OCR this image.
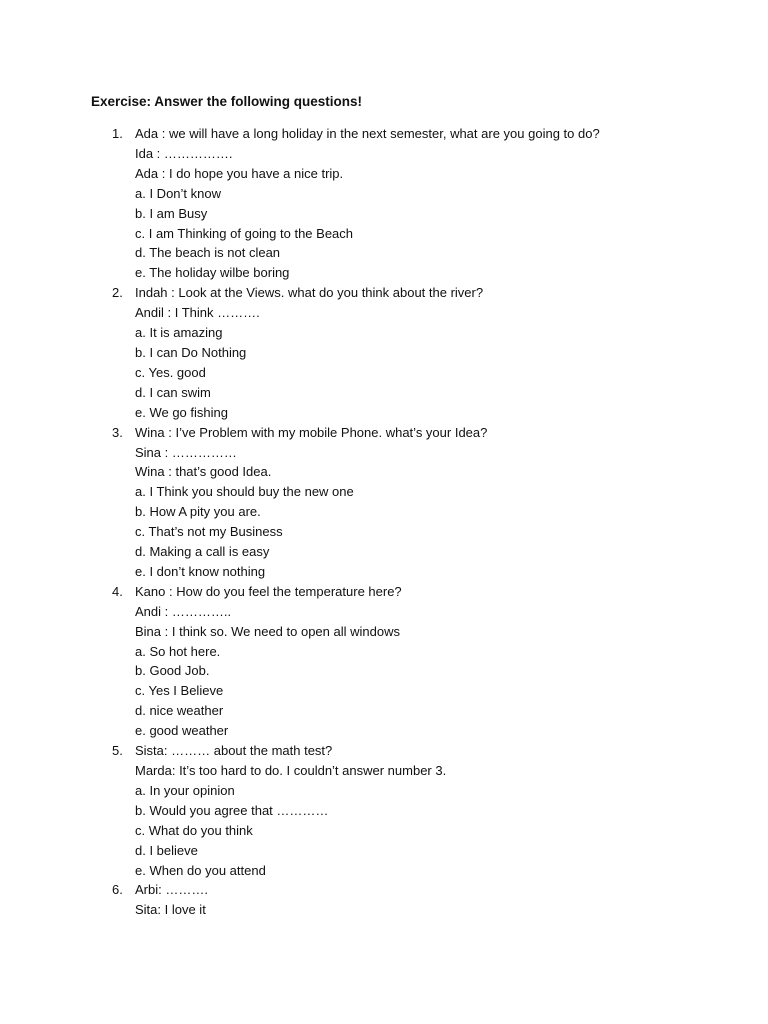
Exercise: Answer the following questions!
1. Ada : we will have a long holiday in the next semester, what are you going to do?
Ida : …………….
Ada : I do hope you have a nice trip.
a. I Don’t know
b. I am Busy
c. I am Thinking of going to the Beach
d. The beach is not clean
e. The holiday wilbe boring
2. Indah : Look at the Views. what do you think about the river?
Andil : I Think ……….
a. It is amazing
b. I can Do Nothing
c. Yes. good
d. I can swim
e. We go fishing
3. Wina : I’ve Problem with my mobile Phone. what’s your Idea?
Sina : ……………
Wina : that’s good Idea.
a. I Think you should buy the new one
b. How A pity you are.
c. That’s not my Business
d. Making a call is easy
e. I don’t know nothing
4. Kano : How do you feel the temperature here?
Andi : …………..
Bina : I think so. We need to open all windows
a. So hot here.
b. Good Job.
c. Yes I Believe
d. nice weather
e. good weather
5. Sista: ……… about the math test?
Marda: It’s too hard to do. I couldn’t answer number 3.
a. In your opinion
b. Would you agree that …………
c. What do you think
d. I believe
e. When do you attend
6. Arbi: ……….
Sita: I love it
